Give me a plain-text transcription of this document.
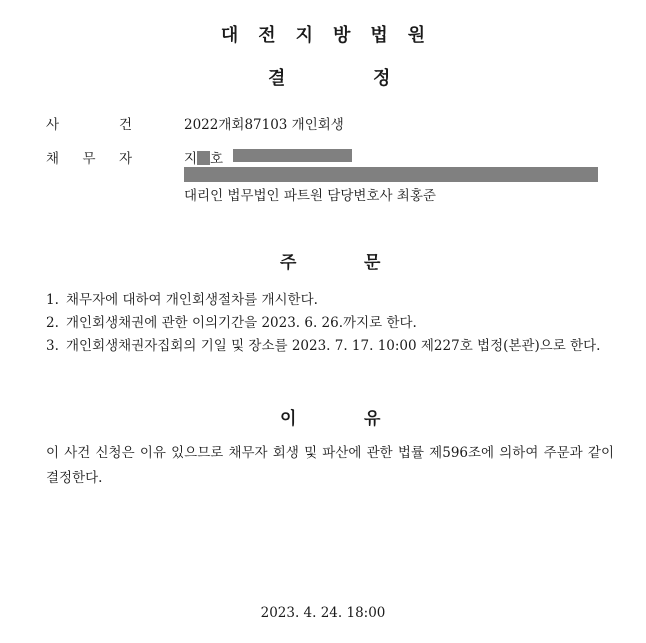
대전지방법원
결	정
사	건	2022개회87103 개인회생
채 무 자	지 호
대리인 법무법인 파트원 담당변호사 최홍준
주	문
1. 채무자에 대하여 개인회생절차를 개시한다.
2. 개인회생채권에 관한 이의기간을 2023. 6. 26.까지로 한다.
3. 개인회생채권자집회의 기일 및 장소를 2023. 7. 17. 10:00 제227호 법정(본관)으로 한다.
이	유
이 사건 신청은 이유 있으므로 채무자 회생 및 파산에 관한 법률 제596조에 의하여 주문과 같이 결정한다.
2023. 4. 24. 18:00
